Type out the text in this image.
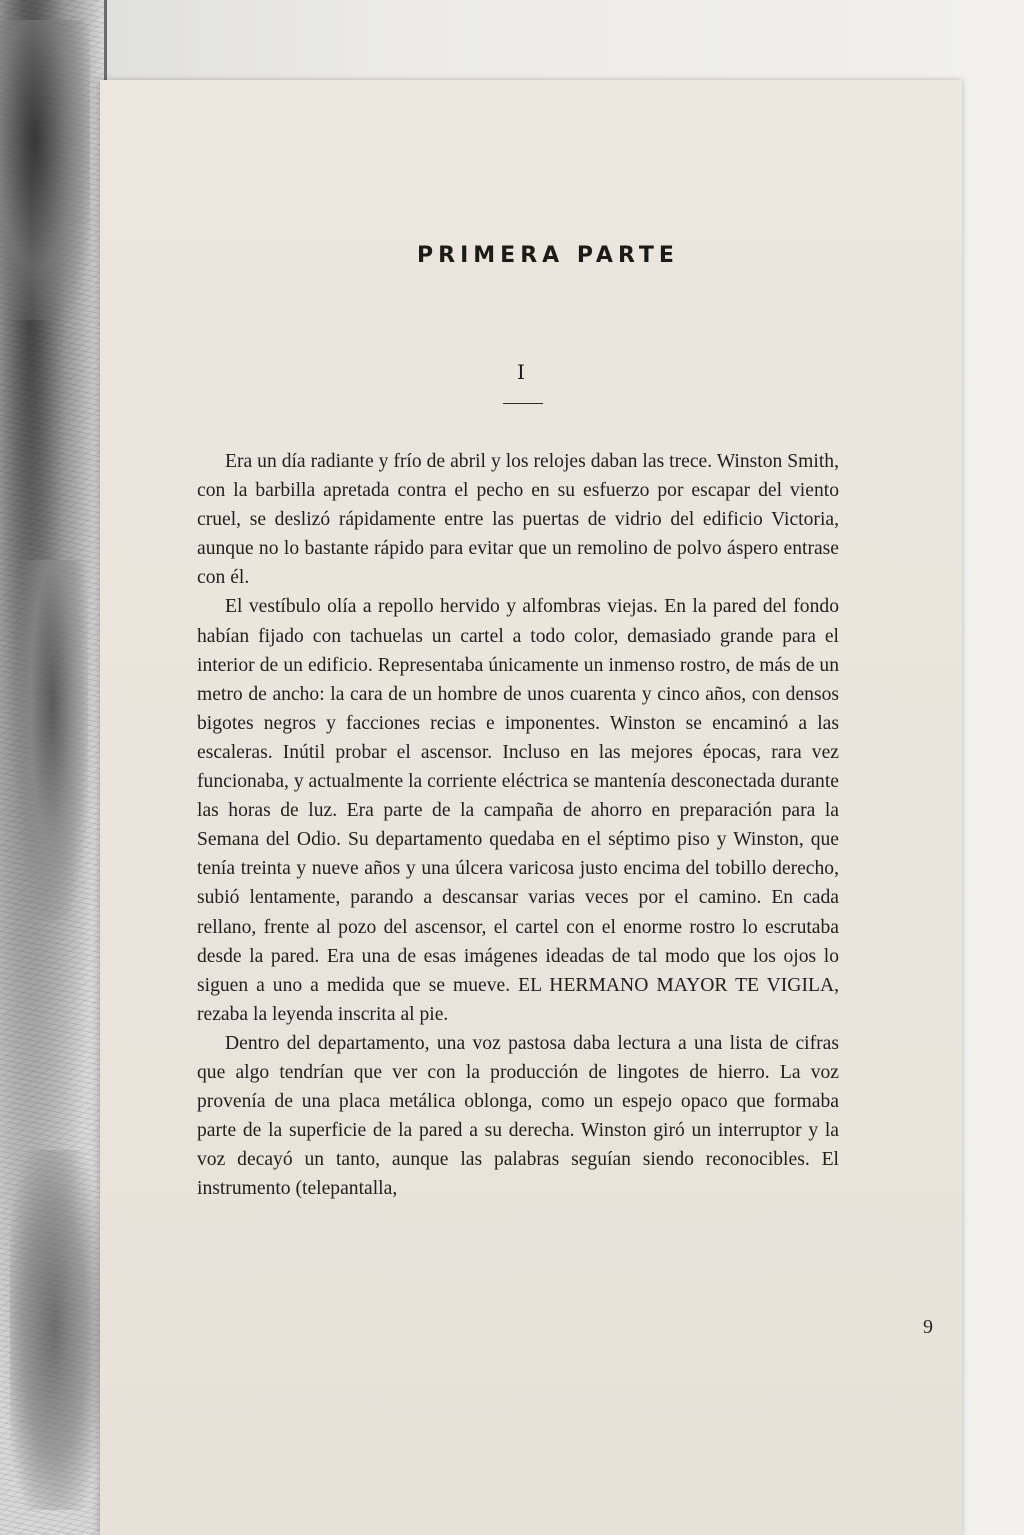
PRIMERA PARTE
I

Era un día radiante y frío de abril y los relojes daban las trece. Winston Smith, con la barbilla apretada contra el pecho en su esfuerzo por escapar del viento cruel, se deslizó rápidamente entre las puertas de vidrio del edificio Victoria, aunque no lo bastante rápido para evitar que un remolino de polvo áspero entrase con él.

El vestíbulo olía a repollo hervido y alfombras viejas. En la pared del fondo habían fijado con tachuelas un cartel a todo color, demasiado grande para el interior de un edificio. Representaba únicamente un inmenso rostro, de más de un metro de ancho: la cara de un hombre de unos cuarenta y cinco años, con densos bigotes negros y facciones recias e imponentes. Winston se encaminó a las escaleras. Inútil probar el ascensor. Incluso en las mejores épocas, rara vez funcionaba, y actualmente la corriente eléctrica se mantenía desconectada durante las horas de luz. Era parte de la campaña de ahorro en preparación para la Semana del Odio. Su departamento quedaba en el séptimo piso y Winston, que tenía treinta y nueve años y una úlcera varicosa justo encima del tobillo derecho, subió lentamente, parando a descansar varias veces por el camino. En cada rellano, frente al pozo del ascensor, el cartel con el enorme rostro lo escrutaba desde la pared. Era una de esas imágenes ideadas de tal modo que los ojos lo siguen a uno a medida que se mueve. EL HERMANO MAYOR TE VIGILA, rezaba la leyenda inscrita al pie.

Dentro del departamento, una voz pastosa daba lectura a una lista de cifras que algo tendrían que ver con la producción de lingotes de hierro. La voz provenía de una placa metálica oblonga, como un espejo opaco que formaba parte de la superficie de la pared a su derecha. Winston giró un interruptor y la voz decayó un tanto, aunque las palabras seguían siendo reconocibles. El instrumento (telepantalla,

9
